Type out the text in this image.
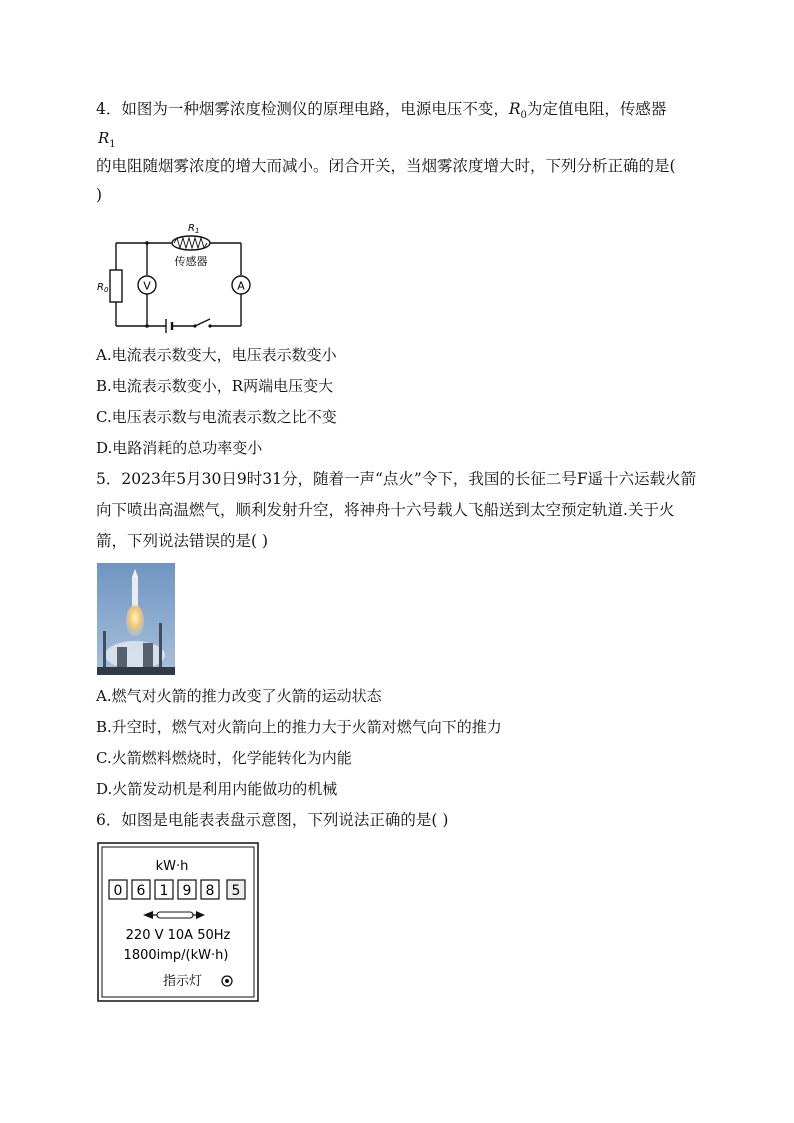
4．如图为一种烟雾浓度检测仪的原理电路，电源电压不变，$R_0$为定值电阻，传感器
$R_1$
的电阻随烟雾浓度的增大而减小。闭合开关，当烟雾浓度增大时，下列分析正确的是(
)
A
V
$R_1$
传感器
$R_0$
A.电流表示数变大，电压表示数变小
B.电流表示数变小，R两端电压变大
C.电压表示数与电流表示数之比不变
D.电路消耗的总功率变小
5．2023年5月30日9时31分，随着一声“点火”令下，我国的长征二号F遥十六运载火箭
向下喷出高温燃气，顺利发射升空，将神舟十六号载人飞船送到太空预定轨道.关于火
箭，下列说法错误的是( )
A.燃气对火箭的推力改变了火箭的运动状态
B.升空时，燃气对火箭向上的推力大于火箭对燃气向下的推力
C.火箭燃料燃烧时，化学能转化为内能
D.火箭发动机是利用内能做功的机械
6．如图是电能表表盘示意图，下列说法正确的是( )
kW·h
0 6 1 9 8 5
220 V 10A 50Hz
1800imp/(kW·h)
指示灯
